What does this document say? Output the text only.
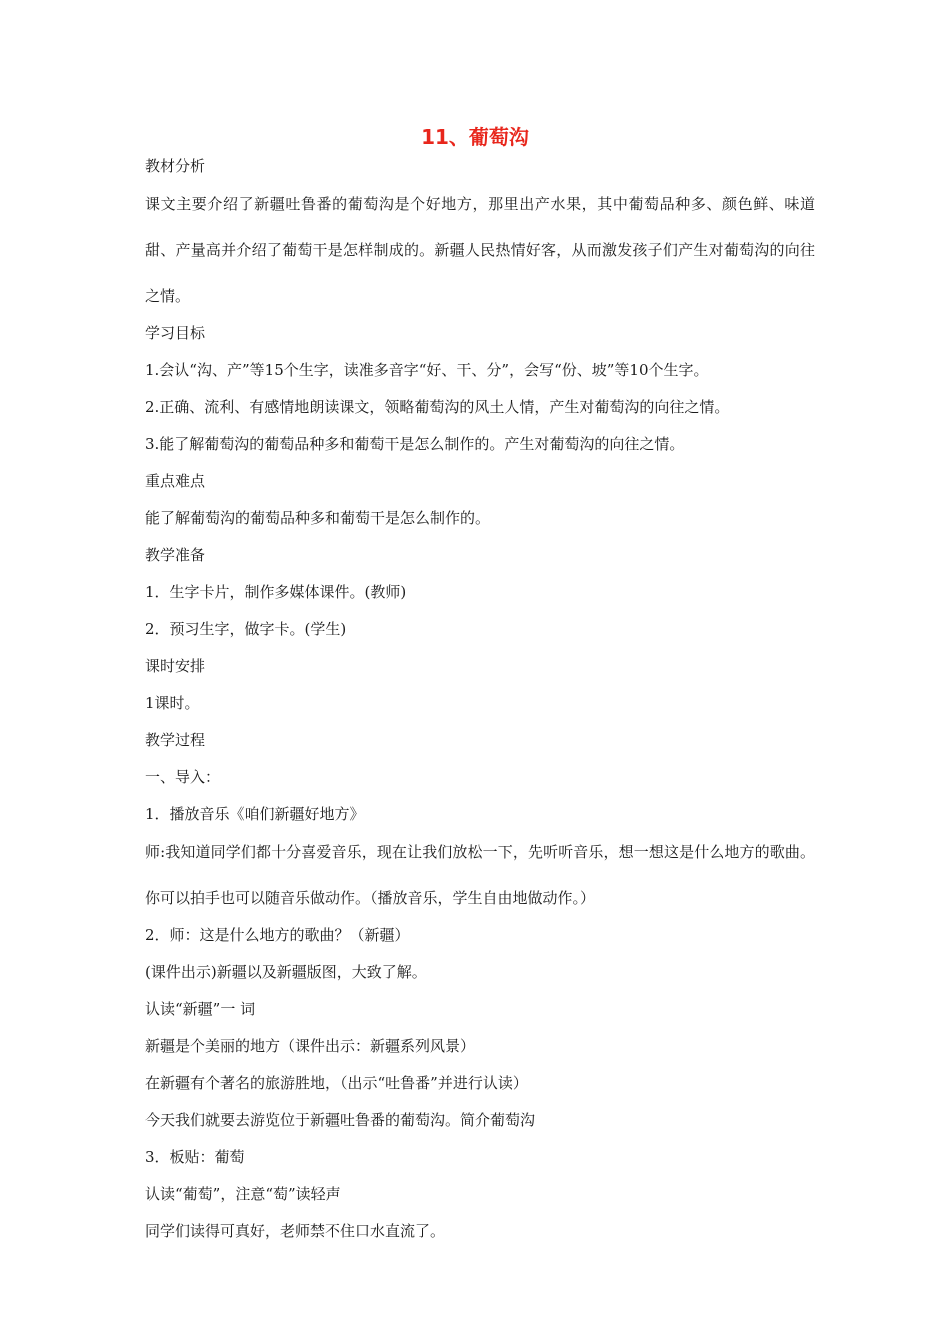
11、葡萄沟
教材分析
课文主要介绍了新疆吐鲁番的葡萄沟是个好地方，那里出产水果，其中葡萄品种多、颜色鲜、味道甜、产量高并介绍了葡萄干是怎样制成的。新疆人民热情好客，从而激发孩子们产生对葡萄沟的向往之情。
学习目标
1.会认“沟、产”等15个生字，读准多音字“好、干、分”，会写“份、坡”等10个生字。
2.正确、流利、有感情地朗读课文，领略葡萄沟的风土人情，产生对葡萄沟的向往之情。
3.能了解葡萄沟的葡萄品种多和葡萄干是怎么制作的。产生对葡萄沟的向往之情。
重点难点
能了解葡萄沟的葡萄品种多和葡萄干是怎么制作的。
教学准备
1．生字卡片，制作多媒体课件。(教师)
2．预习生字，做字卡。(学生)
课时安排
1课时。
教学过程
一、导入：
1．播放音乐《咱们新疆好地方》
师:我知道同学们都十分喜爱音乐，现在让我们放松一下，先听听音乐，想一想这是什么地方的歌曲。你可以拍手也可以随音乐做动作。（播放音乐，学生自由地做动作。）
2．师：这是什么地方的歌曲？（新疆）
(课件出示)新疆以及新疆版图，大致了解。
认读“新疆”一 词
新疆是个美丽的地方（课件出示：新疆系列风景）
在新疆有个著名的旅游胜地，（出示“吐鲁番”并进行认读）
今天我们就要去游览位于新疆吐鲁番的葡萄沟。简介葡萄沟
3．板贴：葡萄
认读“葡萄”，注意“萄”读轻声
同学们读得可真好，老师禁不住口水直流了。
